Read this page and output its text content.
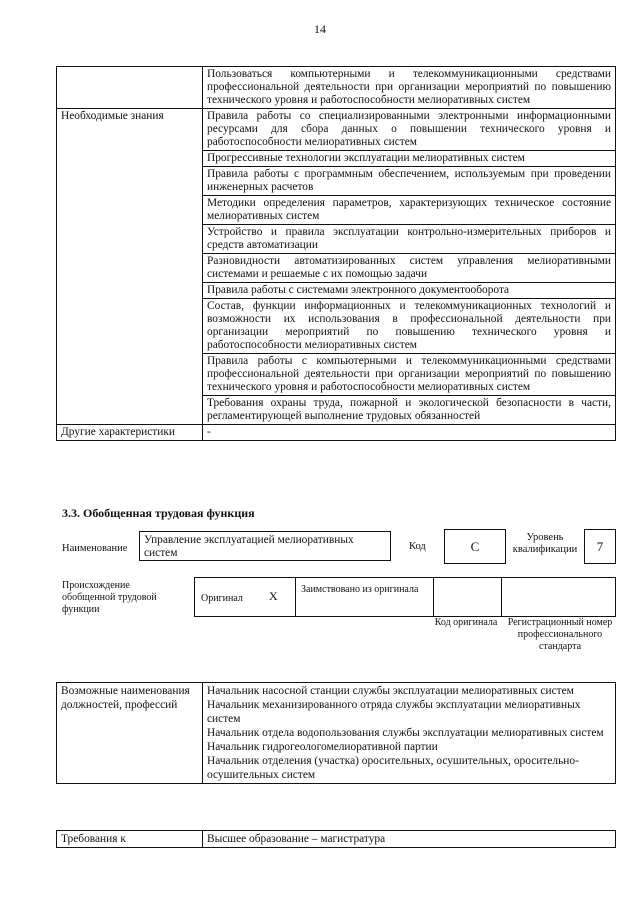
14
	Пользоваться компьютерными и телекоммуникационными средствами профессиональной деятельности при организации мероприятий по повышению технического уровня и работоспособности мелиоративных систем
Необходимые знания	Правила работы со специализированными электронными информационными ресурсами для сбора данных о повышении технического уровня и работоспособности мелиоративных систем
	Прогрессивные технологии эксплуатации мелиоративных систем
	Правила работы с программным обеспечением, используемым при проведении инженерных расчетов
	Методики определения параметров, характеризующих техническое состояние мелиоративных систем
	Устройство и правила эксплуатации контрольно-измерительных приборов и средств автоматизации
	Разновидности автоматизированных систем управления мелиоративными системами и решаемые с их помощью задачи
	Правила работы с системами электронного документооборота
	Состав, функции информационных и телекоммуникационных технологий и возможности их использования в профессиональной деятельности при организации мероприятий по повышению технического уровня и работоспособности мелиоративных систем
	Правила работы с компьютерными и телекоммуникационными средствами профессиональной деятельности при организации мероприятий по повышению технического уровня и работоспособности мелиоративных систем
	Требования охраны труда, пожарной и экологической безопасности в части, регламентирующей выполнение трудовых обязанностей
Другие характеристики	-
3.3. Обобщенная трудовая функция
Наименование
Управление эксплуатацией мелиоративных систем
Код	C
Уровень квалификации	7
Происхождение обобщенной трудовой функции
Оригинал X Заимствовано из оригинала
Код оригинала Регистрационный номер профессионального стандарта
Возможные наименования должностей, профессий	
Начальник насосной станции службы эксплуатации мелиоративных систем
Начальник механизированного отряда службы эксплуатации мелиоративных систем
Начальник отдела водопользования службы эксплуатации мелиоративных систем
Начальник гидрогеологомелиоративной партии
Начальник отделения (участка) оросительных, осушительных, оросительно-осушительных систем
Требования к	Высшее образование – магистратура
